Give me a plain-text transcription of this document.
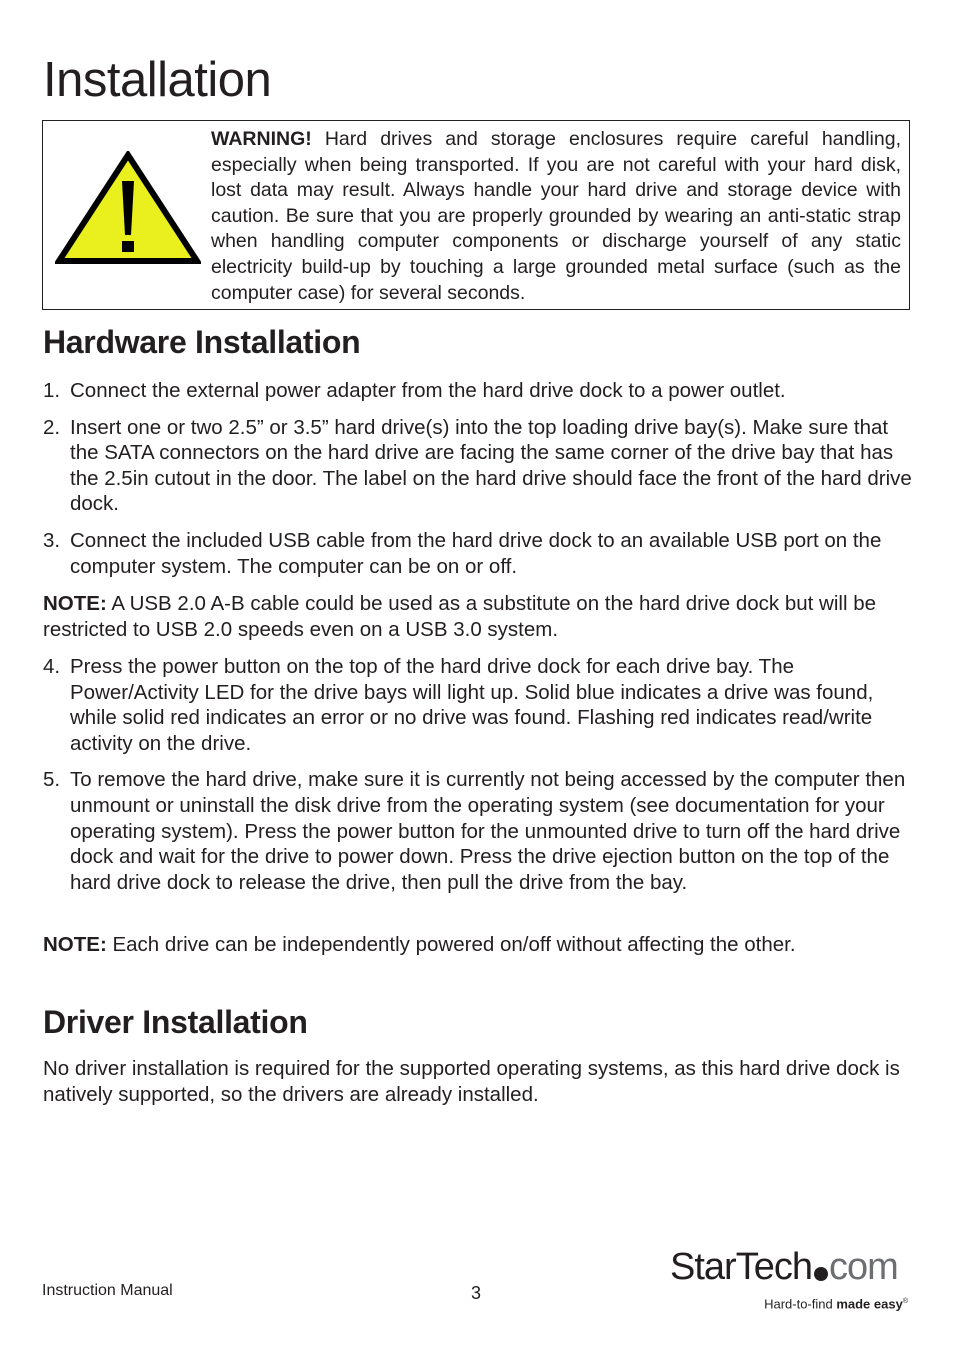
Installation

WARNING! Hard drives and storage enclosures require careful handling, especially when being transported. If you are not careful with your hard disk, lost data may result. Always handle your hard drive and storage device with caution. Be sure that you are properly grounded by wearing an anti-static strap when handling computer components or discharge yourself of any static electricity build-up by touching a large grounded metal surface (such as the computer case) for several seconds.

Hardware Installation
1. Connect the external power adapter from the hard drive dock to a power outlet.
2. Insert one or two 2.5” or 3.5” hard drive(s) into the top loading drive bay(s). Make sure that the SATA connectors on the hard drive are facing the same corner of the drive bay that has the 2.5in cutout in the door. The label on the hard drive should face the front of the hard drive dock.
3. Connect the included USB cable from the hard drive dock to an available USB port on the computer system. The computer can be on or off.

NOTE: A USB 2.0 A-B cable could be used as a substitute on the hard drive dock but will be restricted to USB 2.0 speeds even on a USB 3.0 system.

4. Press the power button on the top of the hard drive dock for each drive bay. The Power/Activity LED for the drive bays will light up. Solid blue indicates a drive was found, while solid red indicates an error or no drive was found. Flashing red indicates read/write activity on the drive.
5. To remove the hard drive, make sure it is currently not being accessed by the computer then unmount or uninstall the disk drive from the operating system (see documentation for your operating system). Press the power button for the unmounted drive to turn off the hard drive dock and wait for the drive to power down. Press the drive ejection button on the top of the hard drive dock to release the drive, then pull the drive from the bay.

NOTE: Each drive can be independently powered on/off without affecting the other.

Driver Installation

No driver installation is required for the supported operating systems, as this hard drive dock is natively supported, so the drivers are already installed.

Instruction Manual	3
StarTech com
Hard-to-find made easy®
